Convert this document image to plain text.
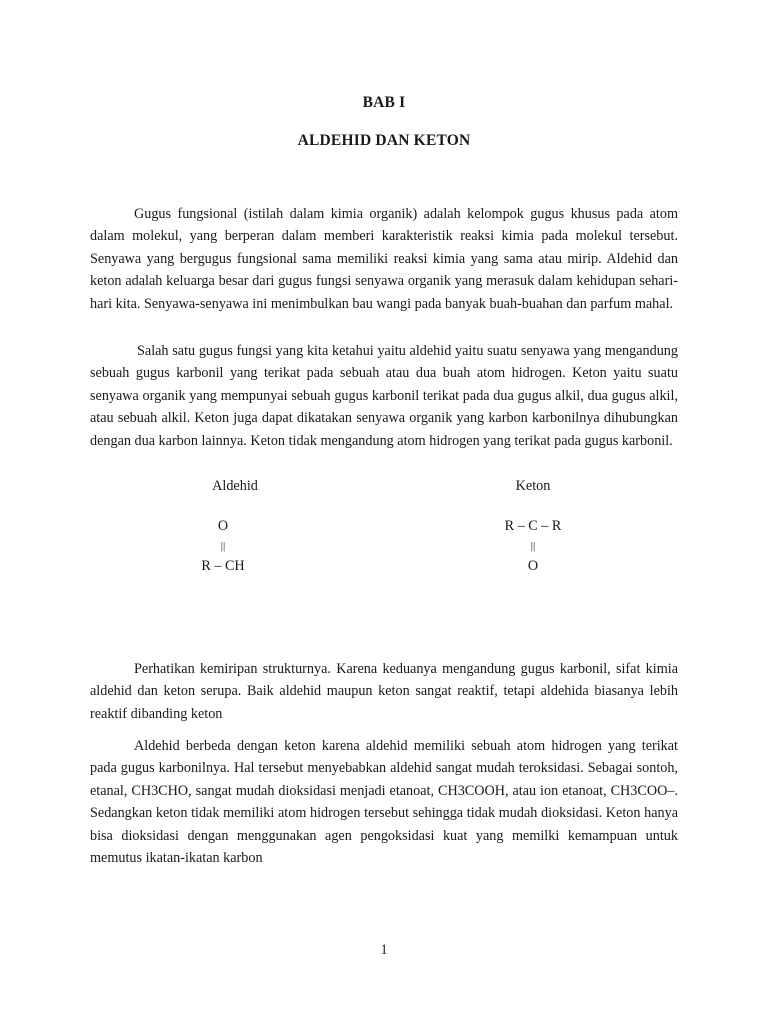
BAB I
ALDEHID DAN KETON

Gugus fungsional (istilah dalam kimia organik) adalah kelompok gugus khusus pada atom dalam molekul, yang berperan dalam memberi karakteristik reaksi kimia pada molekul tersebut. Senyawa yang bergugus fungsional sama memiliki reaksi kimia yang sama atau mirip. Aldehid dan keton adalah keluarga besar dari gugus fungsi senyawa organik yang merasuk dalam kehidupan sehari- hari kita. Senyawa-senyawa ini menimbulkan bau wangi pada banyak buah-buahan dan parfum mahal.

Salah satu gugus fungsi yang kita ketahui yaitu aldehid yaitu suatu senyawa yang mengandung sebuah gugus karbonil yang terikat pada sebuah atau dua buah atom hidrogen. Keton yaitu suatu senyawa organik yang mempunyai sebuah gugus karbonil terikat pada dua gugus alkil, dua gugus alkil, atau sebuah alkil. Keton juga dapat dikatakan senyawa organik yang karbon karbonilnya dihubungkan dengan dua karbon lainnya. Keton tidak mengandung atom hidrogen yang terikat pada gugus karbonil.

Aldehid
O
||
R – CH
Keton
R – C – R
||
O

Perhatikan kemiripan strukturnya. Karena keduanya mengandung gugus karbonil, sifat kimia aldehid dan keton serupa. Baik aldehid maupun keton sangat reaktif, tetapi aldehida biasanya lebih reaktif dibanding keton

Aldehid berbeda dengan keton karena aldehid memiliki sebuah atom hidrogen yang terikat pada gugus karbonilnya. Hal tersebut menyebabkan aldehid sangat mudah teroksidasi. Sebagai sontoh, etanal, CH3CHO, sangat mudah dioksidasi menjadi etanoat, CH3COOH, atau ion etanoat, CH3COO–. Sedangkan keton tidak memiliki atom hidrogen tersebut sehingga tidak mudah dioksidasi. Keton hanya bisa dioksidasi dengan menggunakan agen pengoksidasi kuat yang memilki kemampuan untuk memutus ikatan-ikatan karbon

1
